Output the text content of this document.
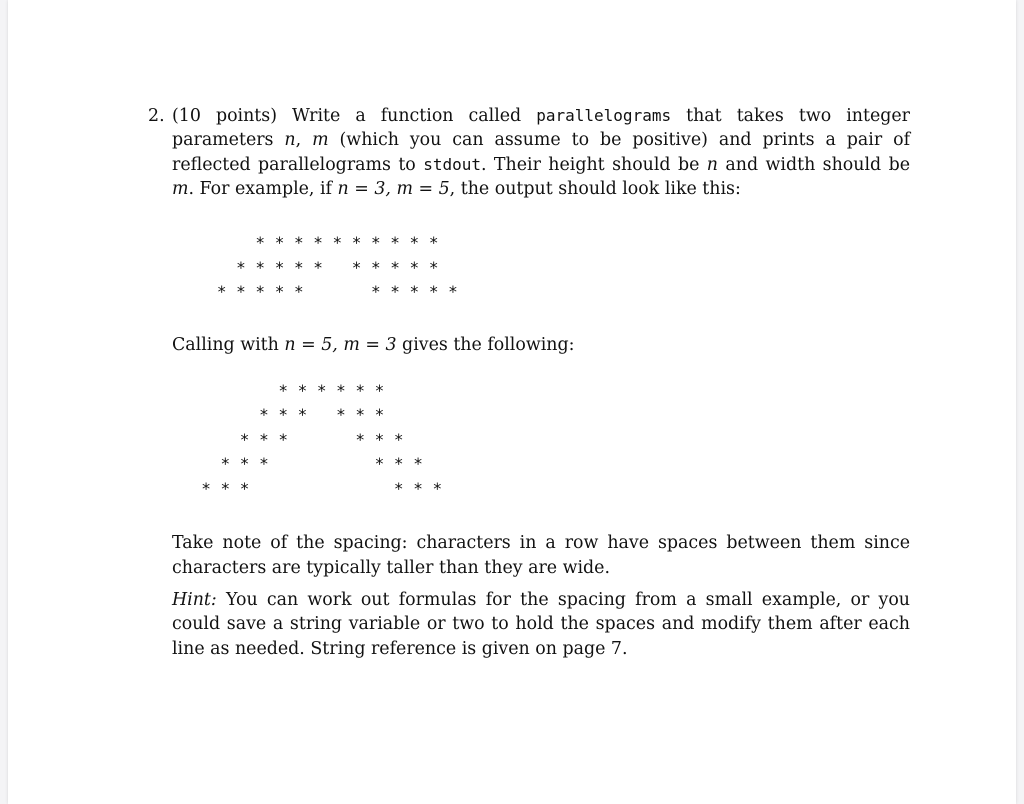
2. (10 points) Write a function called parallelograms that takes two integer parameters n, m (which you can assume to be positive) and prints a pair of reflected parallelograms to stdout. Their height should be n and width should be m. For example, if n = 3, m = 5, the output should look like this:

* * * * * * * * * *
* * * * *   * * * * *
* * * * *       * * * * *

Calling with n = 5, m = 3 gives the following:

* * * * * *
* * *   * * *
* * *       * * *
* * *           * * *
* * *               * * *

Take note of the spacing: characters in a row have spaces between them since characters are typically taller than they are wide.

Hint: You can work out formulas for the spacing from a small example, or you could save a string variable or two to hold the spaces and modify them after each line as needed. String reference is given on page 7.
